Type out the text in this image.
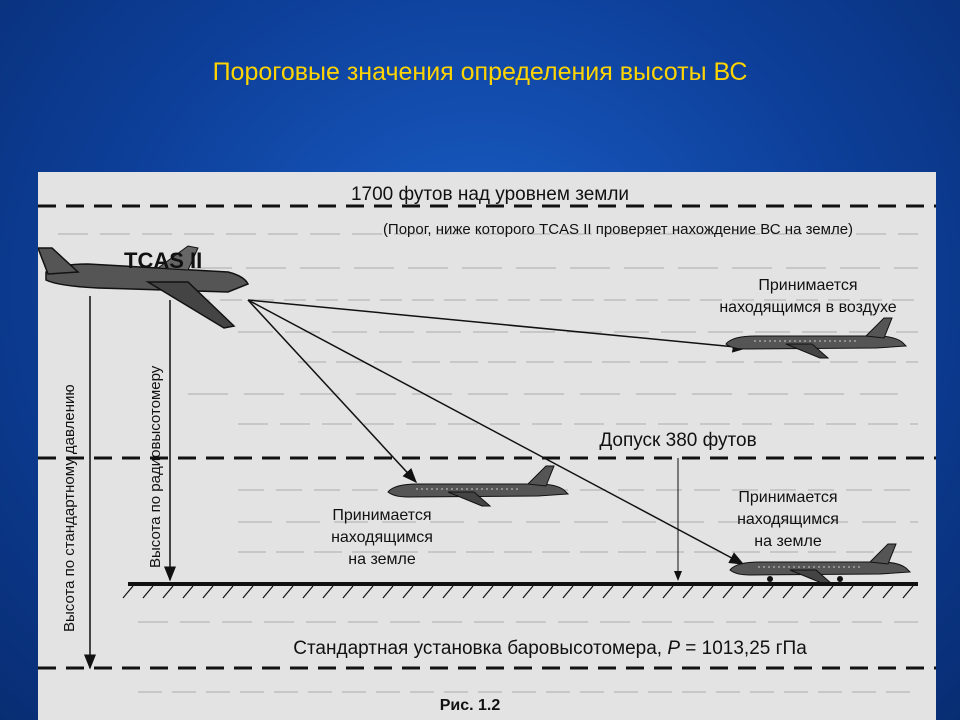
Пороговые значения определения высоты ВС
1700 футов над уровнем земли
(Порог, ниже которого TCAS II проверяет нахождение ВС на земле)
TCAS II
Принимается
находящимся в воздухе
Допуск 380 футов
Принимается
находящимся
на земле
Принимается
находящимся
на земле
Высота по стандартному давлению	Высота по радиовысотомеру
Стандартная установка баровысотомера, P = 1013,25 гПа
Рис. 1.2
